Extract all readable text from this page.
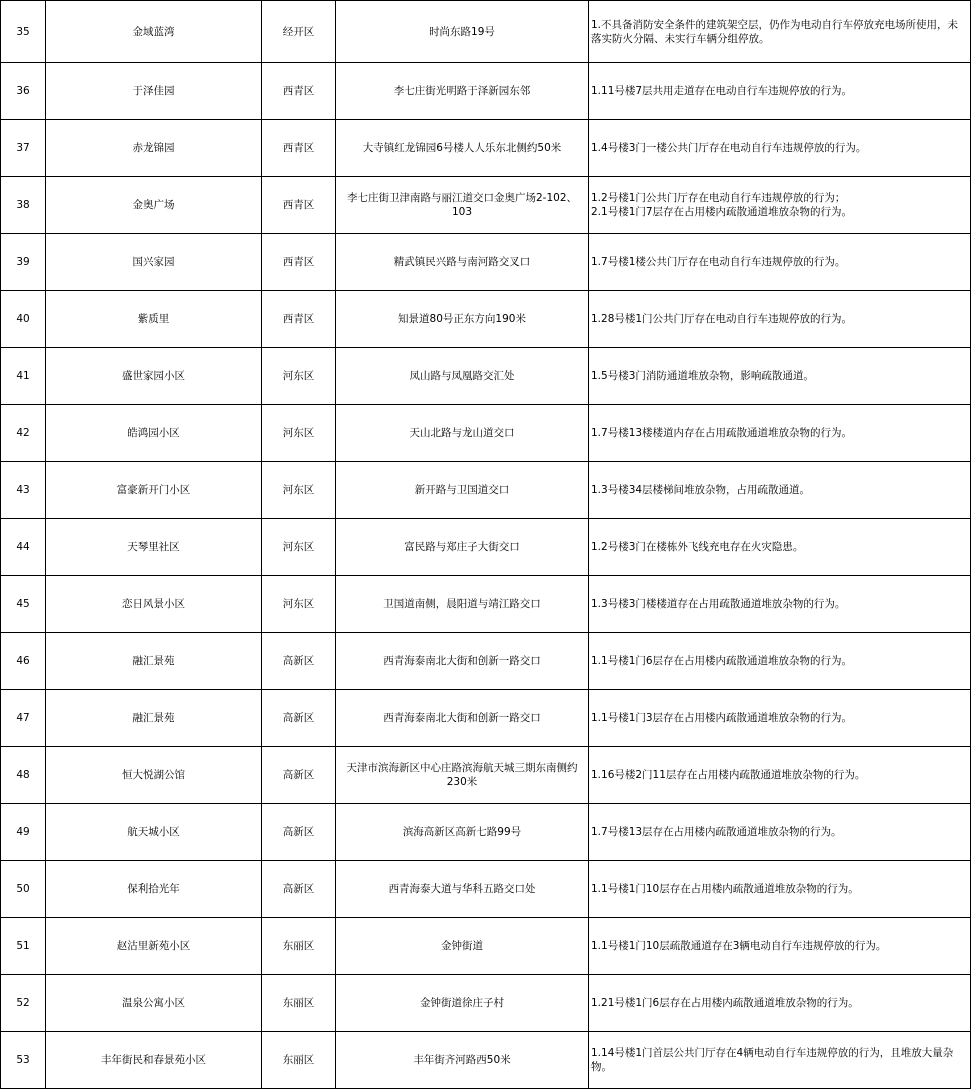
35	金域蓝湾	经开区	时尚东路19号	1.不具备消防安全条件的建筑架空层，仍作为电动自行车停放充电场所使用，未落实防火分隔、未实行车辆分组停放。
36	于泽佳园	西青区	李七庄街光明路于泽新园东邻	1.11号楼7层共用走道存在电动自行车违规停放的行为。
37	赤龙锦园	西青区	大寺镇红龙锦园6号楼人人乐东北侧约50米	1.4号楼3门一楼公共门厅存在电动自行车违规停放的行为。
38	金奥广场	西青区	李七庄街卫津南路与丽江道交口金奥广场2-102、103	1.2号楼1门公共门厅存在电动自行车违规停放的行为；
2.1号楼1门7层存在占用楼内疏散通道堆放杂物的行为。
39	国兴家园	西青区	精武镇民兴路与南河路交叉口	1.7号楼1楼公共门厅存在电动自行车违规停放的行为。
40	紫质里	西青区	知景道80号正东方向190米	1.28号楼1门公共门厅存在电动自行车违规停放的行为。
41	盛世家园小区	河东区	凤山路与凤凰路交汇处	1.5号楼3门消防通道堆放杂物，影响疏散通道。
42	皓鸿园小区	河东区	天山北路与龙山道交口	1.7号楼13楼楼道内存在占用疏散通道堆放杂物的行为。
43	富豪新开门小区	河东区	新开路与卫国道交口	1.3号楼34层楼梯间堆放杂物，占用疏散通道。
44	天琴里社区	河东区	富民路与郑庄子大街交口	1.2号楼3门在楼栋外飞线充电存在火灾隐患。
45	恋日风景小区	河东区	卫国道南侧，晨阳道与靖江路交口	1.3号楼3门楼楼道存在占用疏散通道堆放杂物的行为。
46	融汇景苑	高新区	西青海泰南北大街和创新一路交口	1.1号楼1门6层存在占用楼内疏散通道堆放杂物的行为。
47	融汇景苑	高新区	西青海泰南北大街和创新一路交口	1.1号楼1门3层存在占用楼内疏散通道堆放杂物的行为。
48	恒大悦湖公馆	高新区	天津市滨海新区中心庄路滨海航天城三期东南侧约230米	1.16号楼2门11层存在占用楼内疏散通道堆放杂物的行为。
49	航天城小区	高新区	滨海高新区高新七路99号	1.7号楼13层存在占用楼内疏散通道堆放杂物的行为。
50	保利拾光年	高新区	西青海泰大道与华科五路交口处	1.1号楼1门10层存在占用楼内疏散通道堆放杂物的行为。
51	赵沽里新苑小区	东丽区	金钟街道	1.1号楼1门10层疏散通道存在3辆电动自行车违规停放的行为。
52	温泉公寓小区	东丽区	金钟街道徐庄子村	1.21号楼1门6层存在占用楼内疏散通道堆放杂物的行为。
53	丰年街民和春景苑小区	东丽区	丰年街齐河路西50米	1.14号楼1门首层公共门厅存在4辆电动自行车违规停放的行为，且堆放大量杂物。
